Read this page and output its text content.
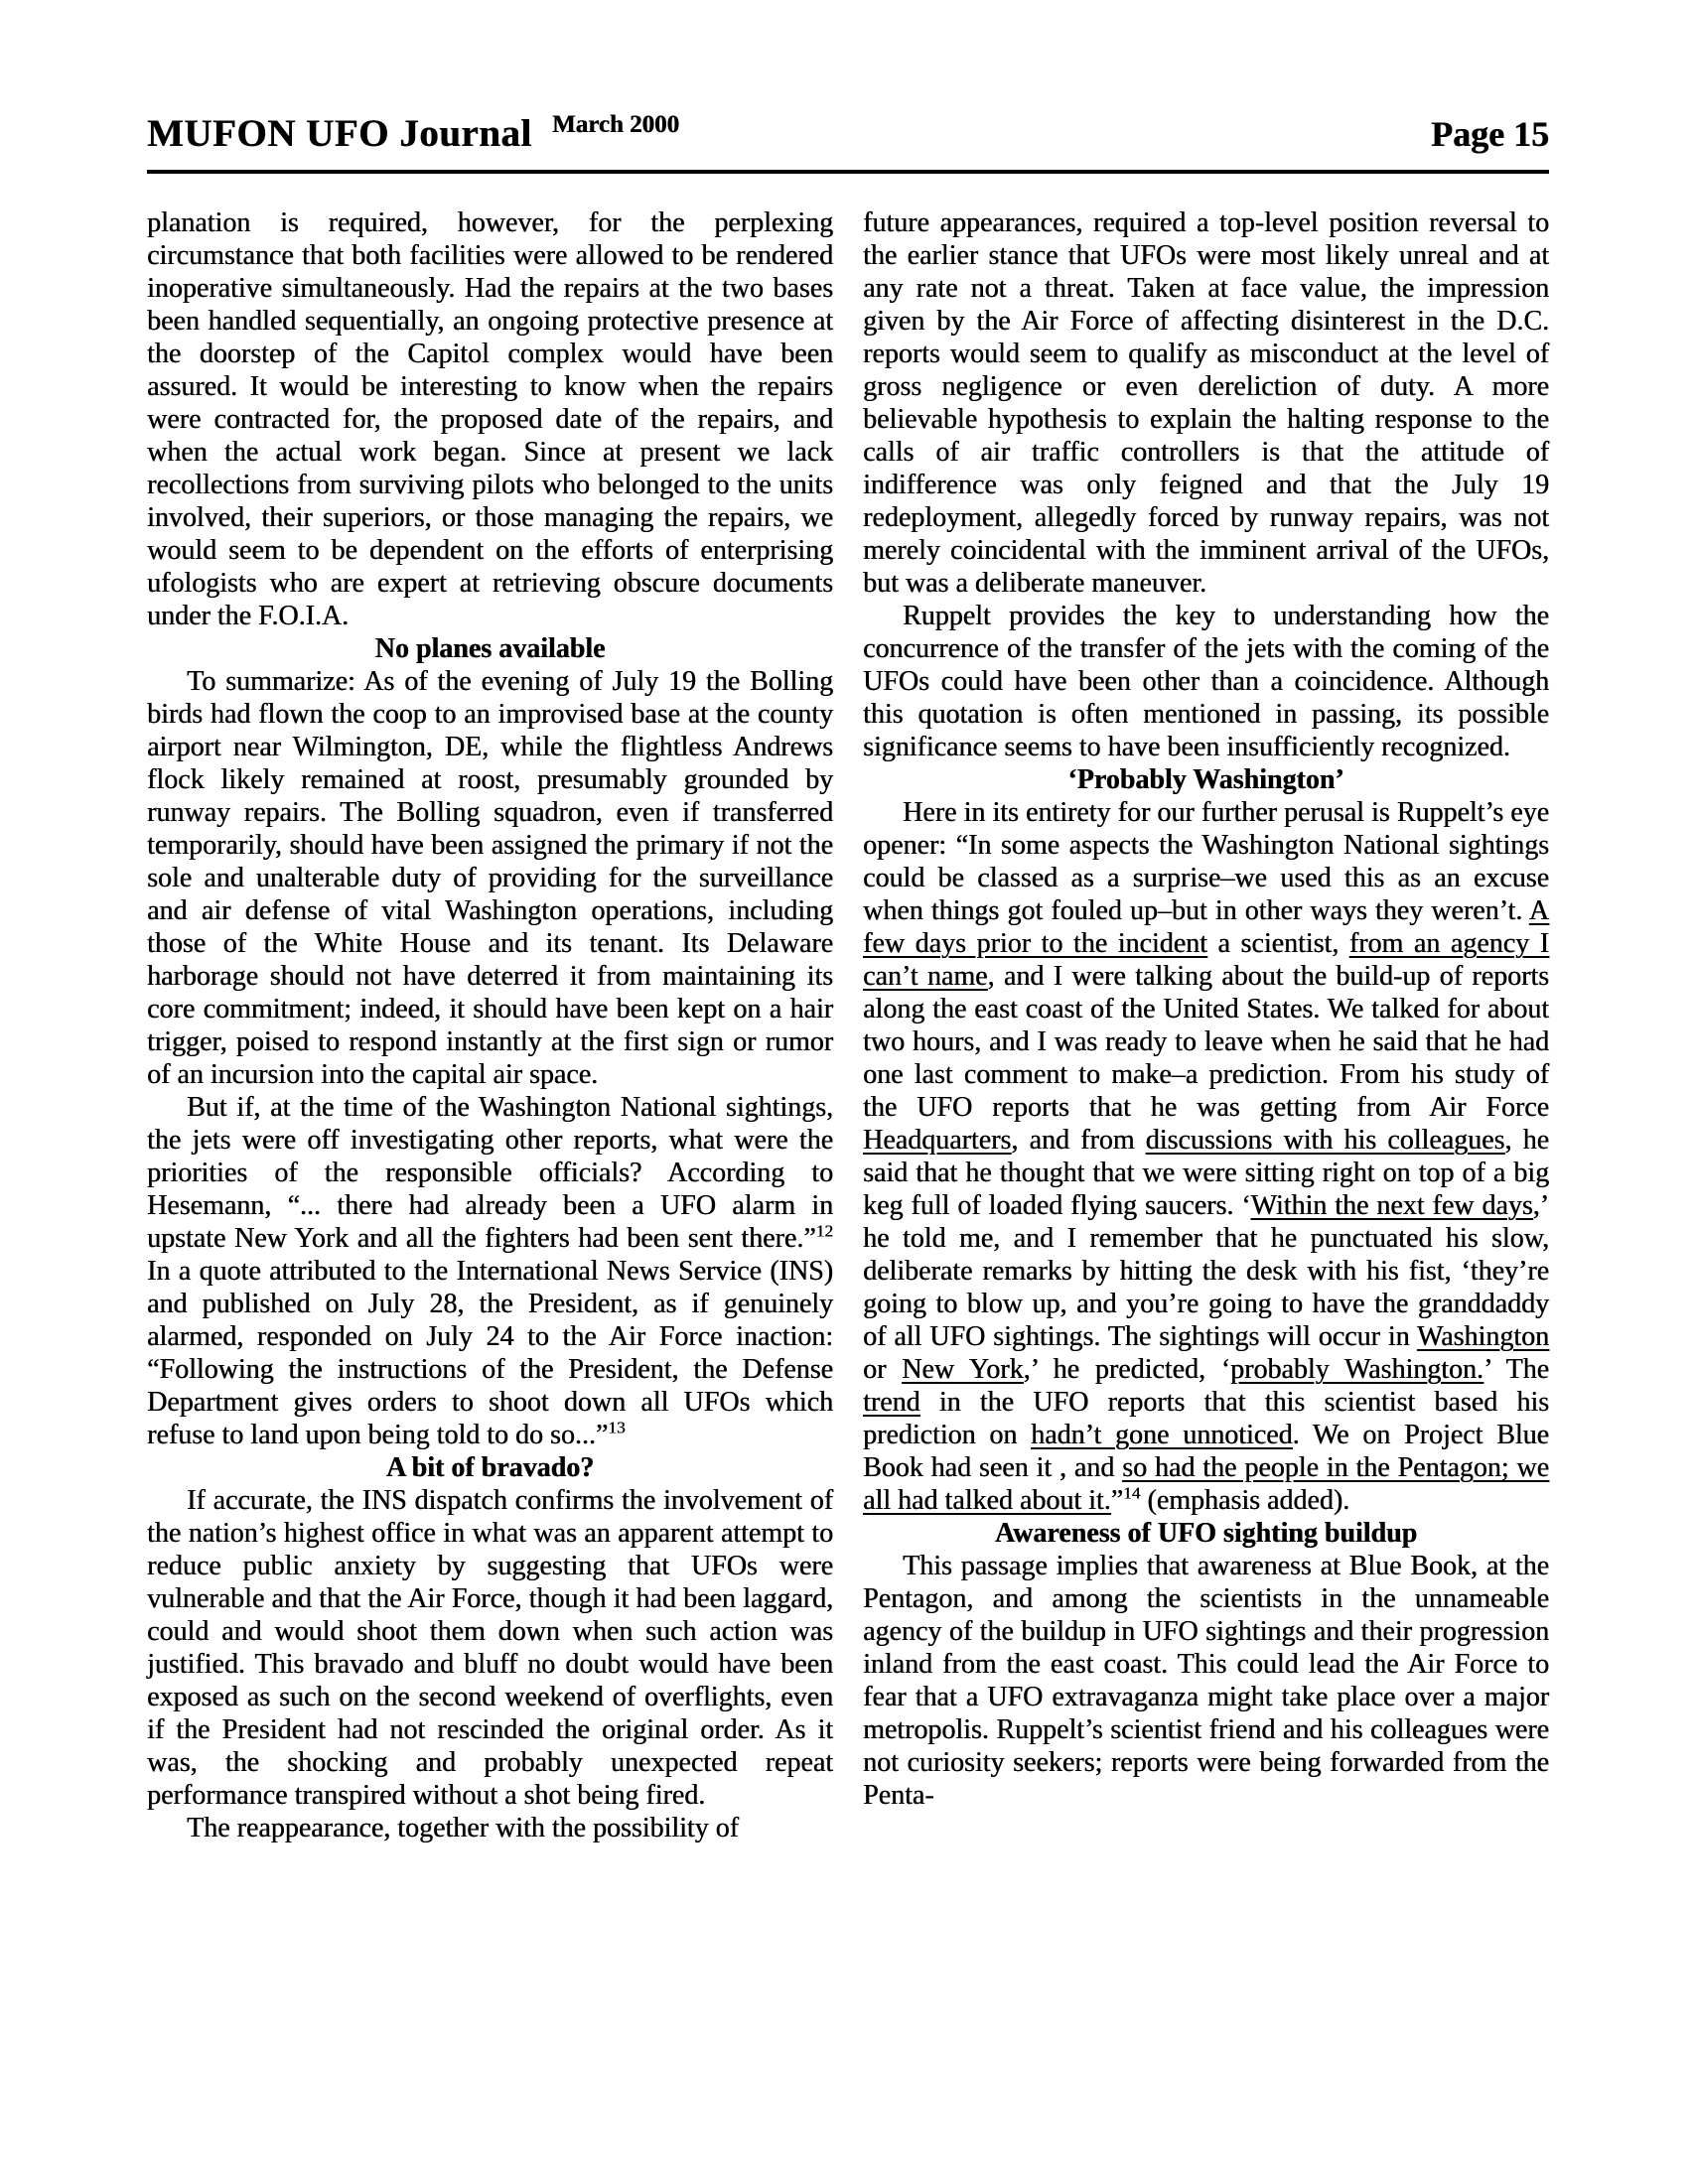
MUFON UFO Journal March 2000	Page 15

planation is required, however, for the perplexing circumstance that both facilities were allowed to be rendered inoperative simultaneously. Had the repairs at the two bases been handled sequentially, an ongoing protective presence at the doorstep of the Capitol complex would have been assured. It would be interesting to know when the repairs were contracted for, the proposed date of the repairs, and when the actual work began. Since at present we lack recollections from surviving pilots who belonged to the units involved, their superiors, or those managing the repairs, we would seem to be dependent on the efforts of enterprising ufologists who are expert at retrieving obscure documents under the F.O.I.A.

No planes available

To summarize: As of the evening of July 19 the Bolling birds had flown the coop to an improvised base at the county airport near Wilmington, DE, while the flightless Andrews flock likely remained at roost, presumably grounded by runway repairs. The Bolling squadron, even if transferred temporarily, should have been assigned the primary if not the sole and unalterable duty of providing for the surveillance and air defense of vital Washington operations, including those of the White House and its tenant. Its Delaware harborage should not have deterred it from maintaining its core commitment; indeed, it should have been kept on a hair trigger, poised to respond instantly at the first sign or rumor of an incursion into the capital air space.

But if, at the time of the Washington National sightings, the jets were off investigating other reports, what were the priorities of the responsible officials? According to Hesemann, “... there had already been a UFO alarm in upstate New York and all the fighters had been sent there.”$^{12}$ In a quote attributed to the International News Service (INS) and published on July 28, the President, as if genuinely alarmed, responded on July 24 to the Air Force inaction: “Following the instructions of the President, the Defense Department gives orders to shoot down all UFOs which refuse to land upon being told to do so...”$^{13}$

A bit of bravado?

If accurate, the INS dispatch confirms the involvement of the nation’s highest office in what was an apparent attempt to reduce public anxiety by suggesting that UFOs were vulnerable and that the Air Force, though it had been laggard, could and would shoot them down when such action was justified. This bravado and bluff no doubt would have been exposed as such on the second weekend of overflights, even if the President had not rescinded the original order. As it was, the shocking and probably unexpected repeat performance transpired without a shot being fired.

The reappearance, together with the possibility of

future appearances, required a top-level position reversal to the earlier stance that UFOs were most likely unreal and at any rate not a threat. Taken at face value, the impression given by the Air Force of affecting disinterest in the D.C. reports would seem to qualify as misconduct at the level of gross negligence or even dereliction of duty. A more believable hypothesis to explain the halting response to the calls of air traffic controllers is that the attitude of indifference was only feigned and that the July 19 redeployment, allegedly forced by runway repairs, was not merely coincidental with the imminent arrival of the UFOs, but was a deliberate maneuver.

Ruppelt provides the key to understanding how the concurrence of the transfer of the jets with the coming of the UFOs could have been other than a coincidence. Although this quotation is often mentioned in passing, its possible significance seems to have been insufficiently recognized.

‘Probably Washington’

Here in its entirety for our further perusal is Ruppelt’s eye opener: “In some aspects the Washington National sightings could be classed as a surprise–we used this as an excuse when things got fouled up–but in other ways they weren’t. A few days prior to the incident a scientist, from an agency I can’t name, and I were talking about the build-up of reports along the east coast of the United States. We talked for about two hours, and I was ready to leave when he said that he had one last comment to make–a prediction. From his study of the UFO reports that he was getting from Air Force Headquarters, and from discussions with his colleagues, he said that he thought that we were sitting right on top of a big keg full of loaded flying saucers. ‘Within the next few days,’ he told me, and I remember that he punctuated his slow, deliberate remarks by hitting the desk with his fist, ‘they’re going to blow up, and you’re going to have the granddaddy of all UFO sightings. The sightings will occur in Washington or New York,’ he predicted, ‘probably Washington.’ The trend in the UFO reports that this scientist based his prediction on hadn’t gone unnoticed. We on Project Blue Book had seen it , and so had the people in the Pentagon; we all had talked about it.”$^{14}$ (emphasis added).

Awareness of UFO sighting buildup

This passage implies that awareness at Blue Book, at the Pentagon, and among the scientists in the unnameable agency of the buildup in UFO sightings and their progression inland from the east coast. This could lead the Air Force to fear that a UFO extravaganza might take place over a major metropolis. Ruppelt’s scientist friend and his colleagues were not curiosity seekers; reports were being forwarded from the Penta-
